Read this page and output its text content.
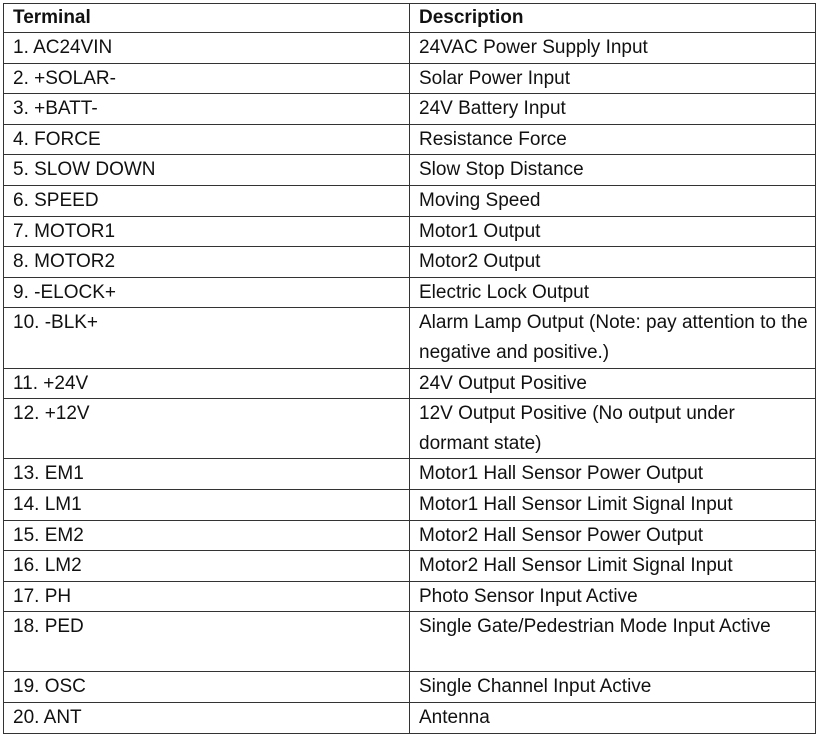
Terminal	Description
1. AC24VIN	24VAC Power Supply Input
2. +SOLAR-	Solar Power Input
3. +BATT-	24V Battery Input
4. FORCE	Resistance Force
5. SLOW DOWN	Slow Stop Distance
6. SPEED	Moving Speed
7. MOTOR1	Motor1 Output
8. MOTOR2	Motor2 Output
9. -ELOCK+	Electric Lock Output
10. -BLK+	Alarm Lamp Output (Note: pay attention to the negative and positive.)
11. +24V	24V Output Positive
12. +12V	12V Output Positive (No output under dormant state)
13. EM1	Motor1 Hall Sensor Power Output
14. LM1	Motor1 Hall Sensor Limit Signal Input
15. EM2	Motor2 Hall Sensor Power Output
16. LM2	Motor2 Hall Sensor Limit Signal Input
17. PH	Photo Sensor Input Active
18. PED	Single Gate/Pedestrian Mode Input Active
19. OSC	Single Channel Input Active
20. ANT	Antenna
